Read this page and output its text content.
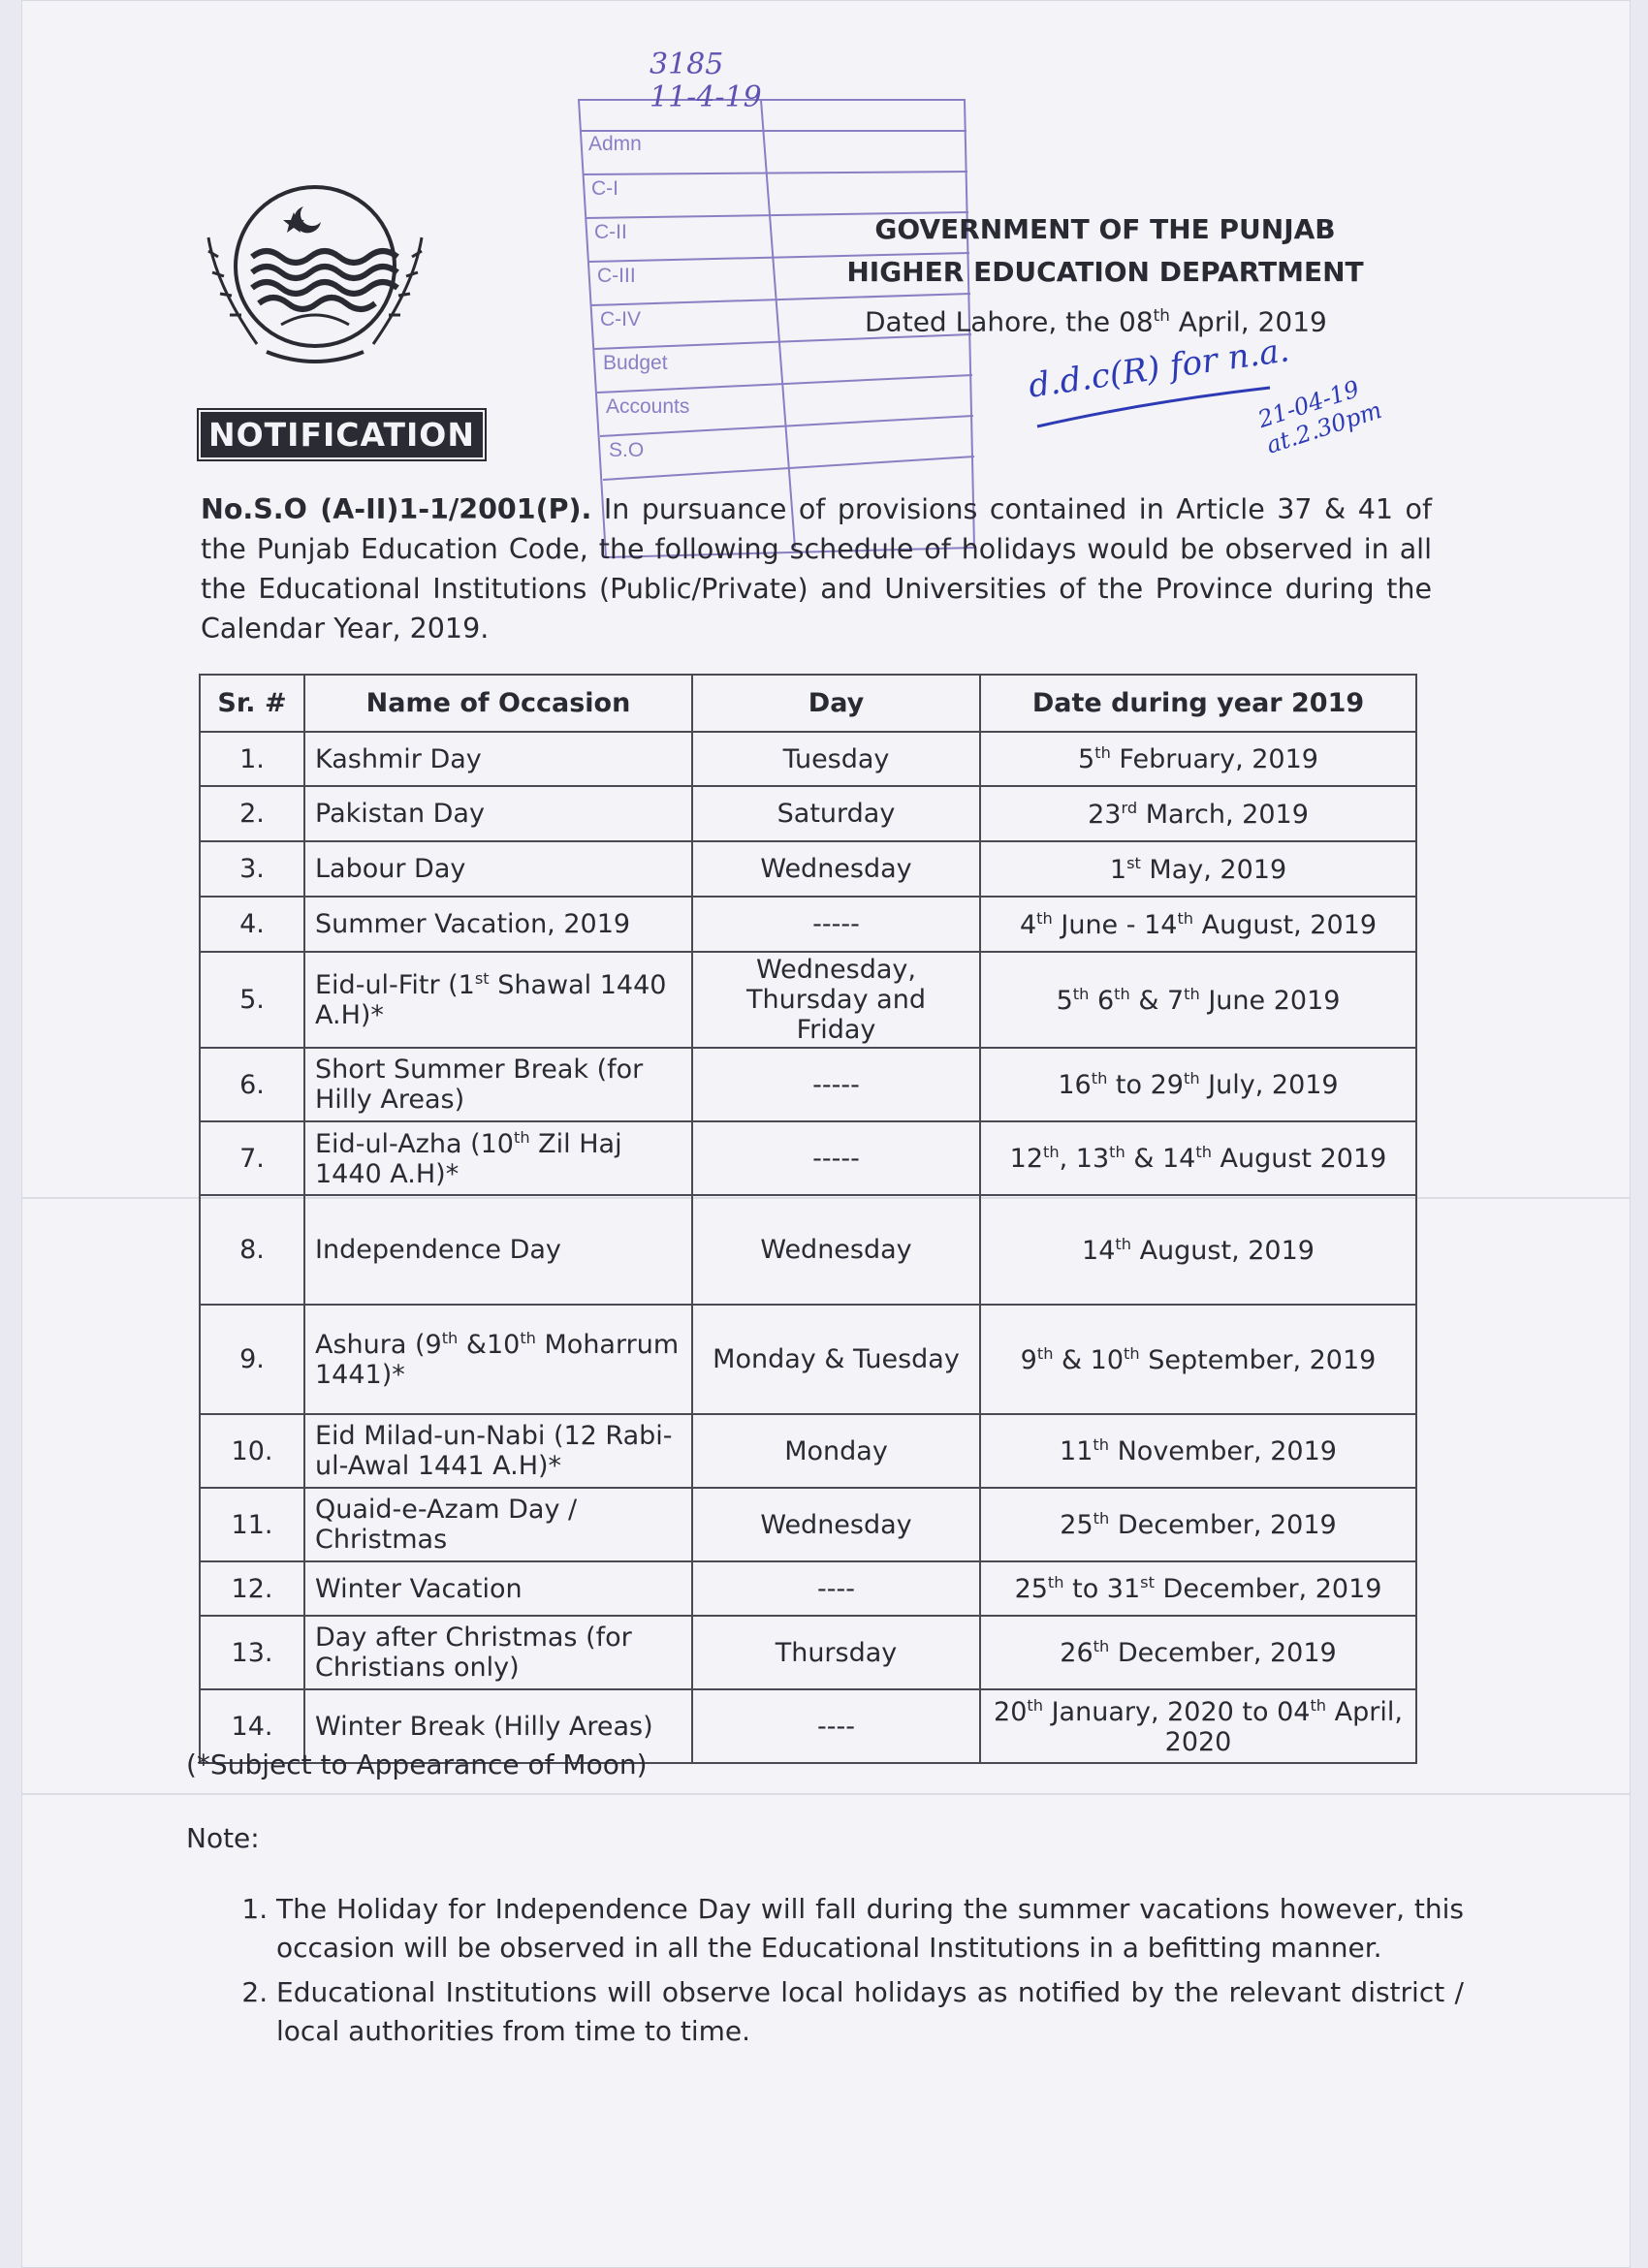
Admn
C-I
C-II
C-III
C-IV
Budget
Accounts
S.O
3185
11-4-19
GOVERNMENT OF THE PUNJAB
HIGHER EDUCATION DEPARTMENT
Dated Lahore, the 08th April, 2019
d.d.c(R) for n.a.
21-04-19
at.2.30pm
NOTIFICATION
No.S.O (A-II)1-1/2001(P). In pursuance of provisions contained in Article 37 & 41 of the Punjab Education Code, the following schedule of holidays would be observed in all the Educational Institutions (Public/Private) and Universities of the Province during the Calendar Year, 2019.
Sr. #	Name of Occasion	Day	Date during year 2019
1.	Kashmir Day	Tuesday	5th February, 2019
2.	Pakistan Day	Saturday	23rd March, 2019
3.	Labour Day	Wednesday	1st May, 2019
4.	Summer Vacation, 2019	-----	4th June - 14th August, 2019
5.	Eid-ul-Fitr (1st Shawal 1440 A.H)*	Wednesday, Thursday and Friday	5th 6th & 7th June 2019
6.	Short Summer Break (for Hilly Areas)	-----	16th to 29th July, 2019
7.	Eid-ul-Azha (10th Zil Haj 1440 A.H)*	-----	12th, 13th & 14th August 2019
8.	Independence Day	Wednesday	14th August, 2019
9.	Ashura (9th &10th Moharrum 1441)*	Monday & Tuesday	9th & 10th September, 2019
10.	Eid Milad-un-Nabi (12 Rabi-ul-Awal 1441 A.H)*	Monday	11th November, 2019
11.	Quaid-e-Azam Day / Christmas	Wednesday	25th December, 2019
12.	Winter Vacation	----	25th to 31st December, 2019
13.	Day after Christmas (for Christians only)	Thursday	26th December, 2019
14.	Winter Break (Hilly Areas)	----	20th January, 2020 to 04th April, 2020
(*Subject to Appearance of Moon)
Note:
1. The Holiday for Independence Day will fall during the summer vacations however, this occasion will be observed in all the Educational Institutions in a befitting manner.
2. Educational Institutions will observe local holidays as notified by the relevant district / local authorities from time to time.
